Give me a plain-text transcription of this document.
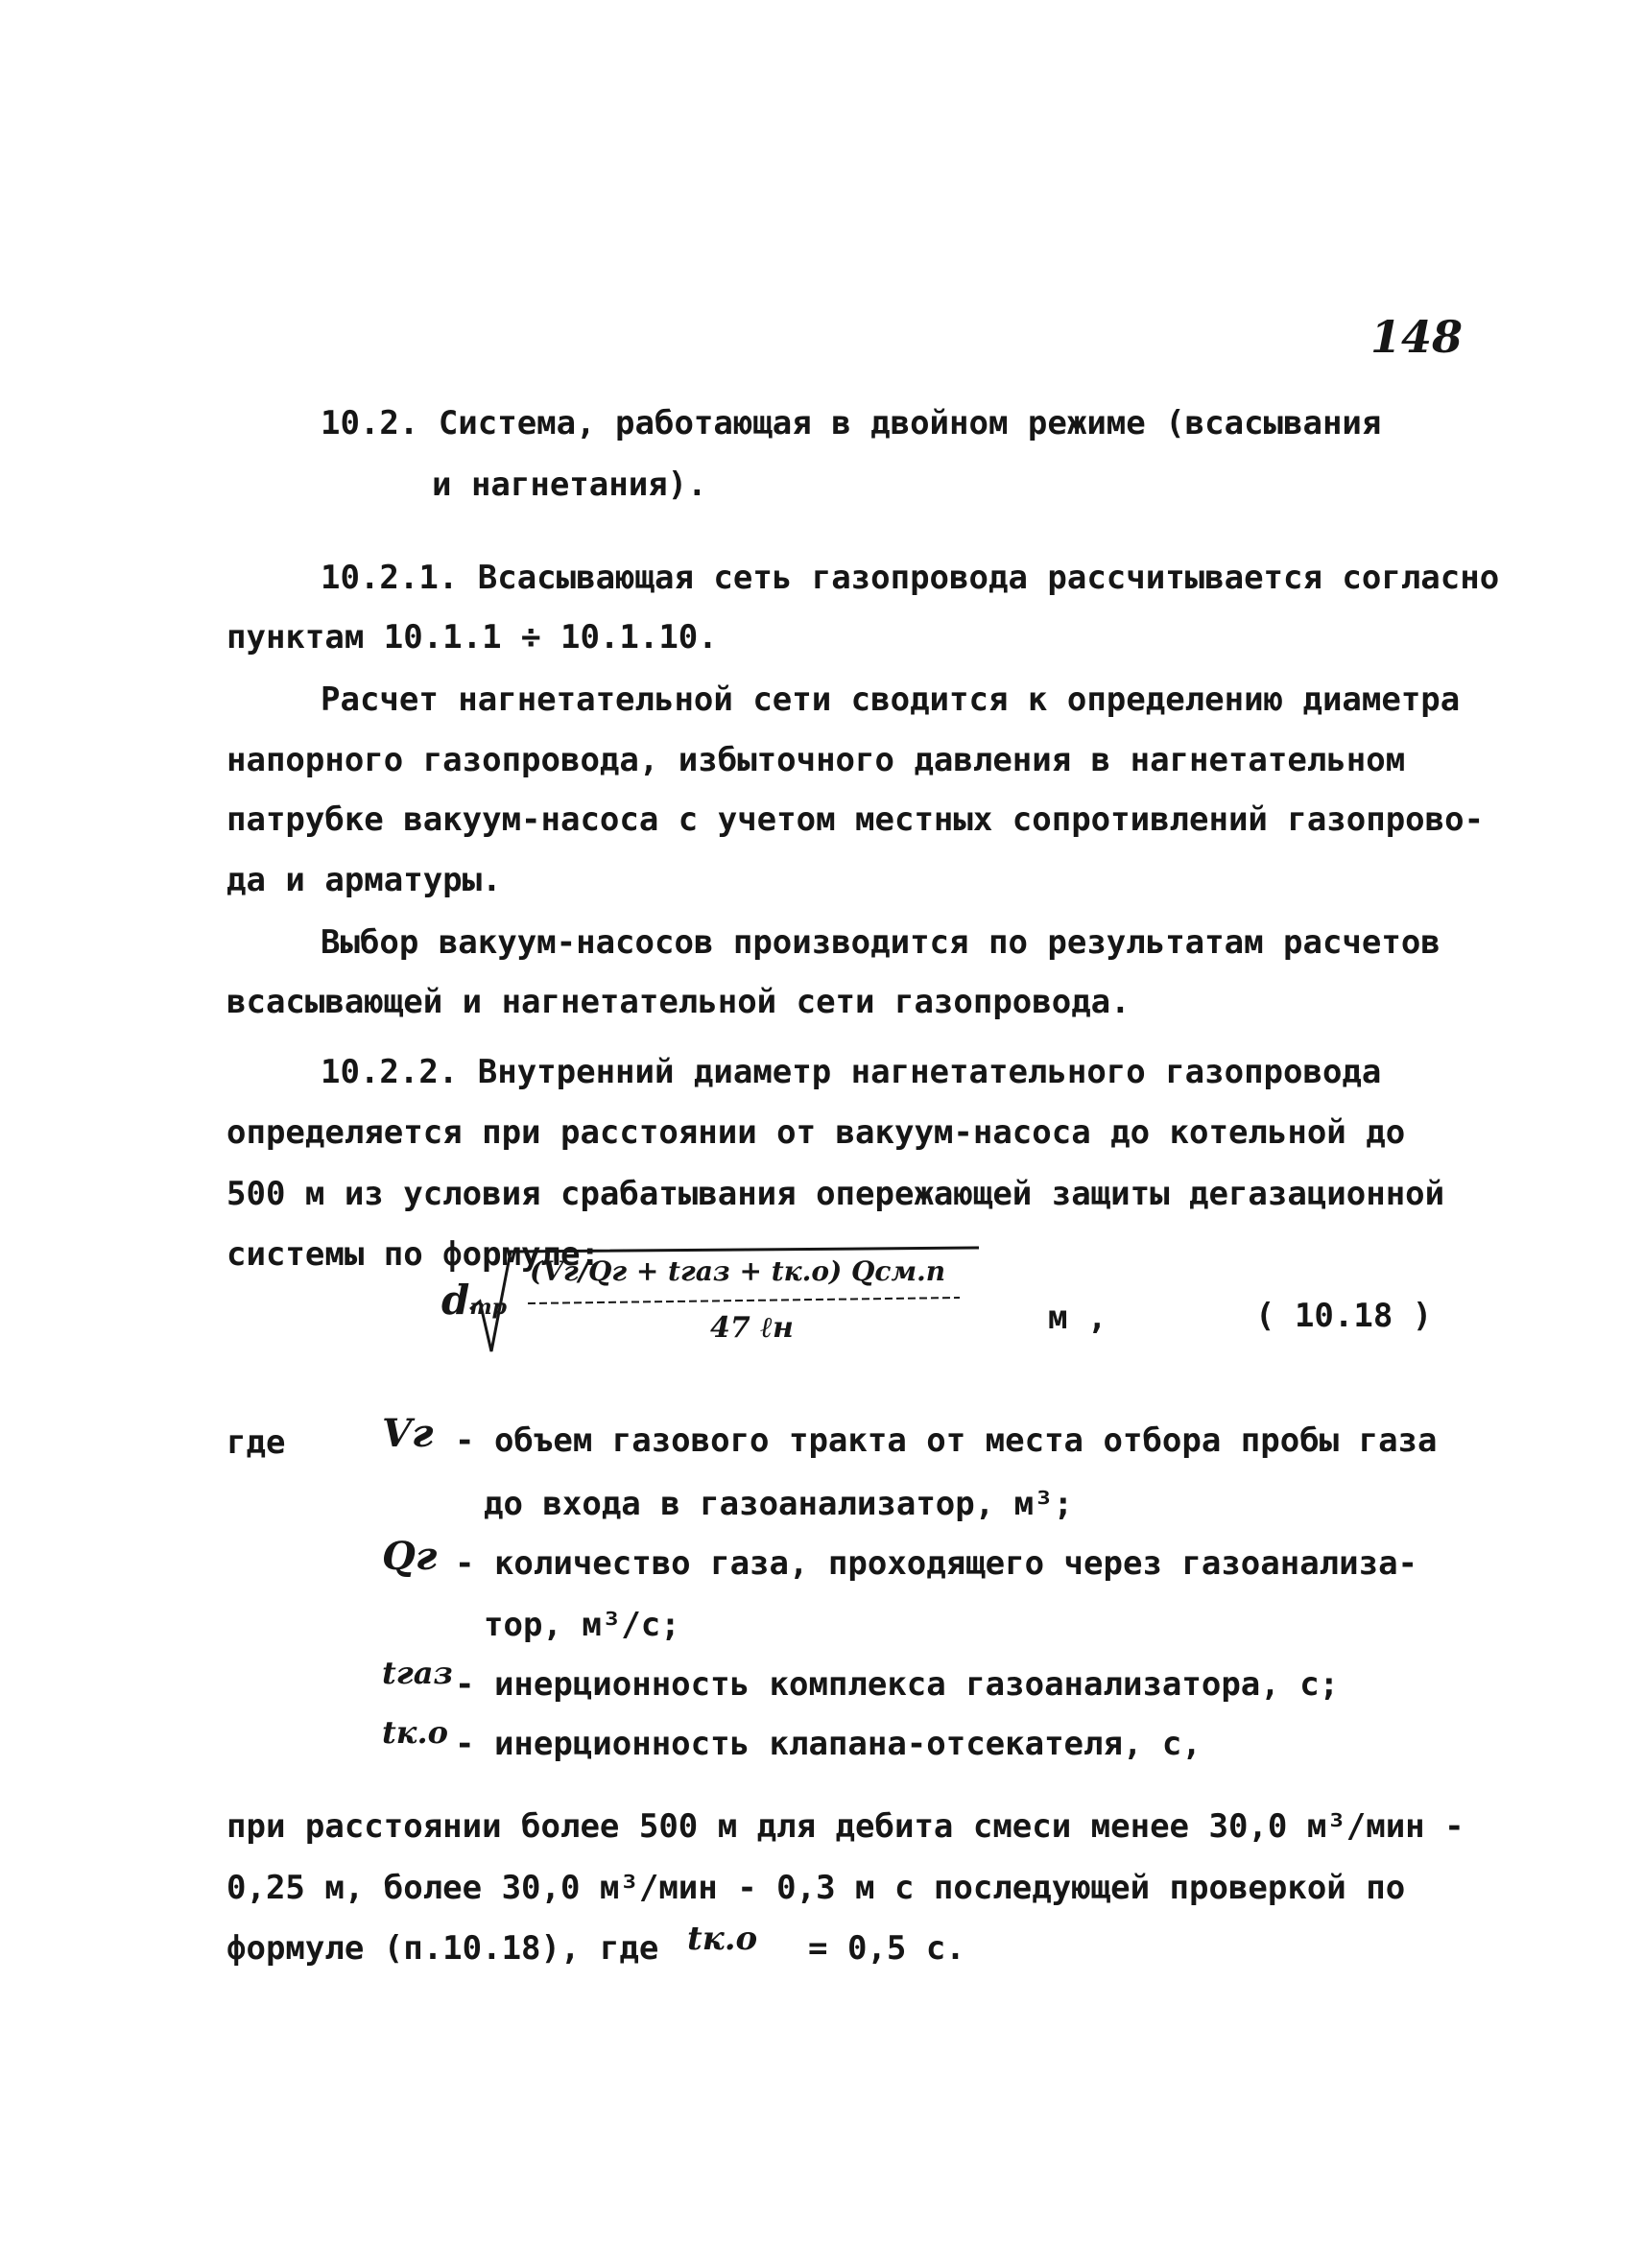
148
10.2. Система, работающая в двойном режиме (всасывания
и нагнетания).
10.2.1. Всасывающая сеть газопровода рассчитывается согласно
пунктам 10.1.1 ÷ 10.1.10.
Расчет нагнетательной сети сводится к определению диаметра
напорного газопровода, избыточного давления в нагнетательном
патрубке вакуум-насоса с учетом местных сопротивлений газопрово-
да и арматуры.
Выбор вакуум-насосов производится по результатам расчетов
всасывающей и нагнетательной сети газопровода.
10.2.2. Внутренний диаметр нагнетательного газопровода
определяется при расстоянии от вакуум-насоса до котельной до
500 м из условия срабатывания опережающей защиты дегазационной
системы по формуле:
dтр
(Vг/Qг + tгаз + tк.о) Qсм.п
47 ℓн	м ,	( 10.18 )
где	Vг - объем газового тракта от места отбора пробы газа
до входа в газоанализатор, м³;
Qг - количество газа, проходящего через газоанализа-
тор, м³/с;
tгаз - инерционность комплекса газоанализатора, с;
tк.о - инерционность клапана-отсекателя, с,
при расстоянии более 500 м для дебита смеси менее 30,0 м³/мин -
0,25 м, более 30,0 м³/мин - 0,3 м с последующей проверкой по
формуле (п.10.18), где tк.о = 0,5 с.
